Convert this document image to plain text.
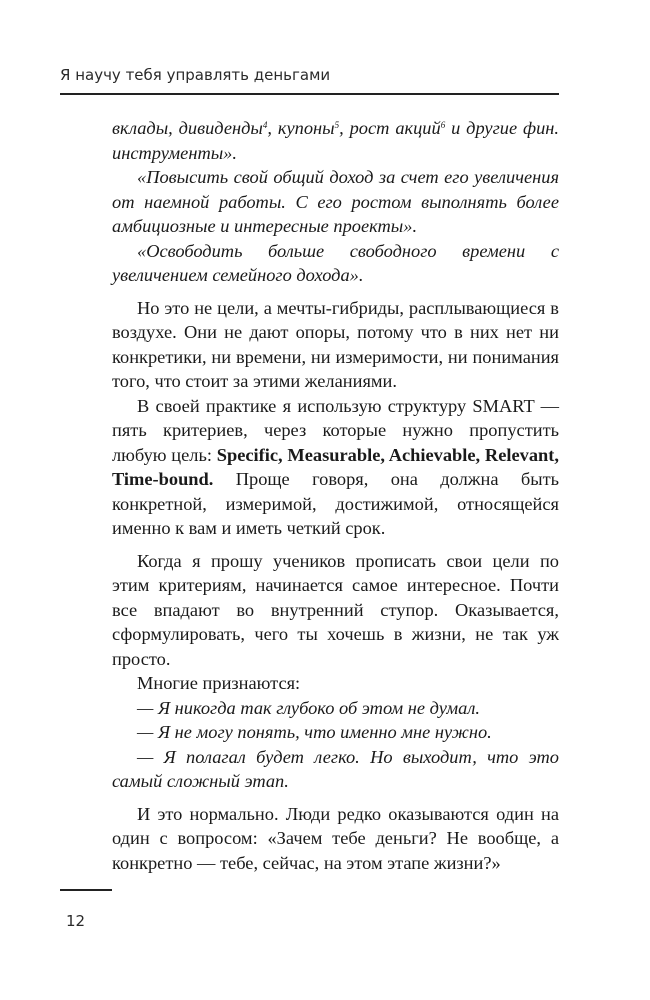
Я научу тебя управлять деньгами

вклады, дивиденды$^4$, купоны$^5$, рост акций$^6$ и другие фин. инструменты».

«Повысить свой общий доход за счет его увеличения от наемной работы. С его ростом выполнять более амбициозные и интересные проекты».

«Освободить больше свободного времени с увеличением семейного дохода».

Но это не цели, а мечты-гибриды, расплывающиеся в воздухе. Они не дают опоры, потому что в них нет ни конкретики, ни времени, ни измеримости, ни понимания того, что стоит за этими желаниями.

В своей практике я использую структуру SMART — пять критериев, через которые нужно пропустить любую цель: Specific, Measurable, Achievable, Relevant, Time-bound. Проще говоря, она должна быть конкретной, измеримой, достижимой, относящейся именно к вам и иметь четкий срок.

Когда я прошу учеников прописать свои цели по этим критериям, начинается самое интересное. Почти все впадают во внутренний ступор. Оказывается, сформулировать, чего ты хочешь в жизни, не так уж просто.

Многие признаются:

— Я никогда так глубоко об этом не думал.

— Я не могу понять, что именно мне нужно.

— Я полагал будет легко. Но выходит, что это самый сложный этап.

И это нормально. Люди редко оказываются один на один с вопросом: «Зачем тебе деньги? Не вообще, а конкретно — тебе, сейчас, на этом этапе жизни?»

12
